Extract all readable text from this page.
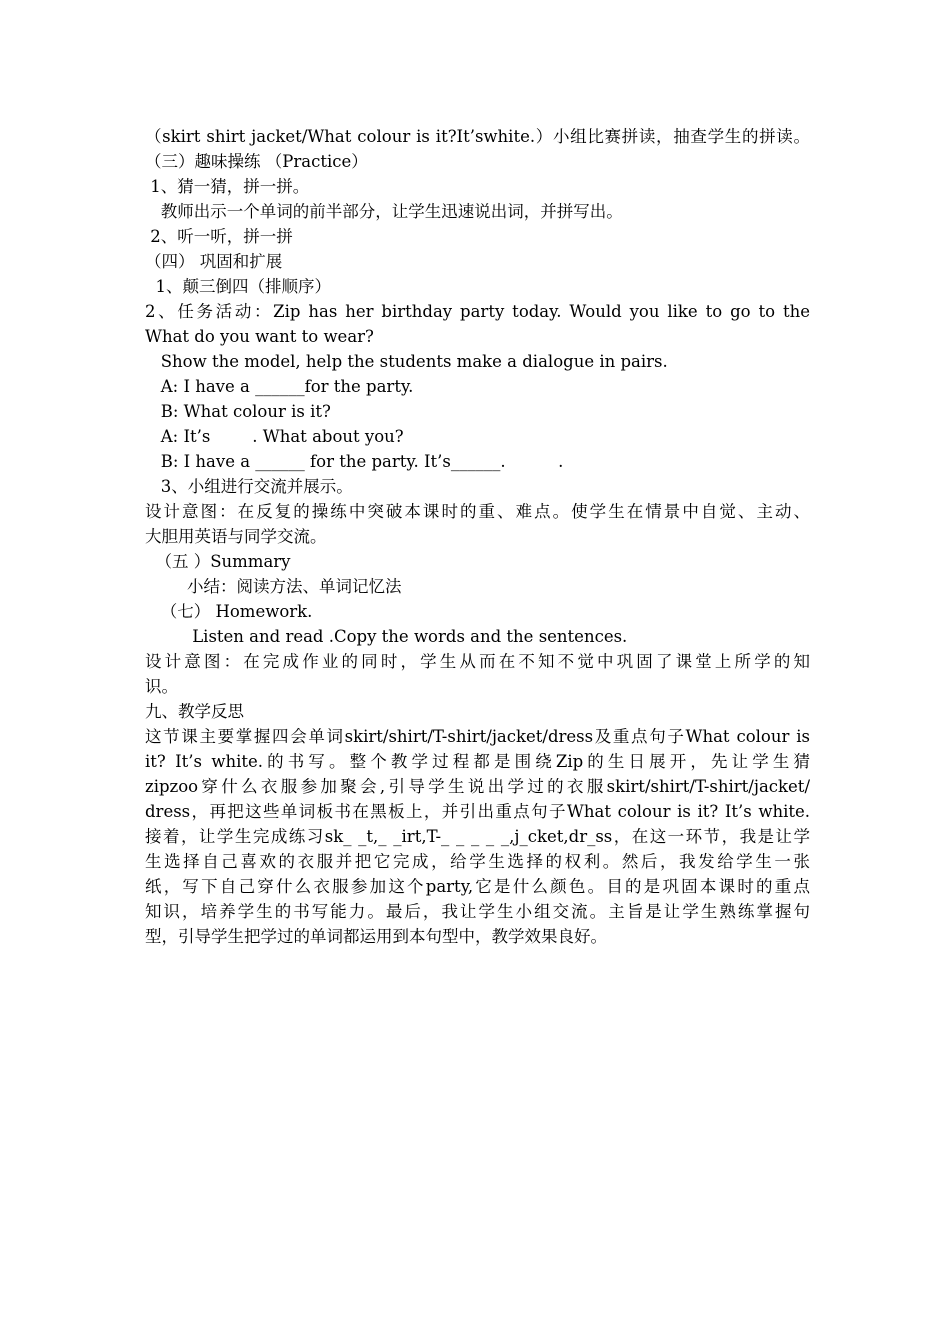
（skirt shirt jacket/What colour is it?It’swhite.）小组比赛拼读，抽查学生的拼读。
（三）趣味操练 （Practice）
1、猜一猜，拼一拼。
教师出示一个单词的前半部分，让学生迅速说出词，并拼写出。
2、听一听，拼一拼
（四） 巩固和扩展
1、颠三倒四（排顺序）
2、任务活动：Zip has her birthday party today. Would you like to go to the
What do you want to wear?
Show the model, help the students make a dialogue in pairs.
A: I have a ______for the party.
B: What colour is it?
A: It’s        . What about you?
B: I have a ______ for the party. It’s______.          .
3、小组进行交流并展示。
设计意图：在反复的操练中突破本课时的重、难点。使学生在情景中自觉、主动、
大胆用英语与同学交流。
（五 ）Summary
小结：阅读方法、单词记忆法
（七） Homework.
Listen and read .Copy the words and the sentences.
设计意图：在完成作业的同时，学生从而在不知不觉中巩固了课堂上所学的知
识。
九、教学反思
这节课主要掌握四会单词skirt/shirt/T-shirt/jacket/dress及重点句子What colour is
it? It’s white.的书写。整个教学过程都是围绕Zip的生日展开，先让学生猜
zipzoo穿什么衣服参加聚会,引导学生说出学过的衣服skirt/shirt/T-shirt/jacket/
dress，再把这些单词板书在黑板上，并引出重点句子What colour is it? It’s white.
接着，让学生完成练习sk_ _t,_ _irt,T-_ _ _ _ _,j_cket,dr_ss，在这一环节，我是让学
生选择自己喜欢的衣服并把它完成，给学生选择的权利。然后，我发给学生一张
纸，写下自己穿什么衣服参加这个party,它是什么颜色。目的是巩固本课时的重点
知识，培养学生的书写能力。最后，我让学生小组交流。主旨是让学生熟练掌握句
型，引导学生把学过的单词都运用到本句型中，教学效果良好。
